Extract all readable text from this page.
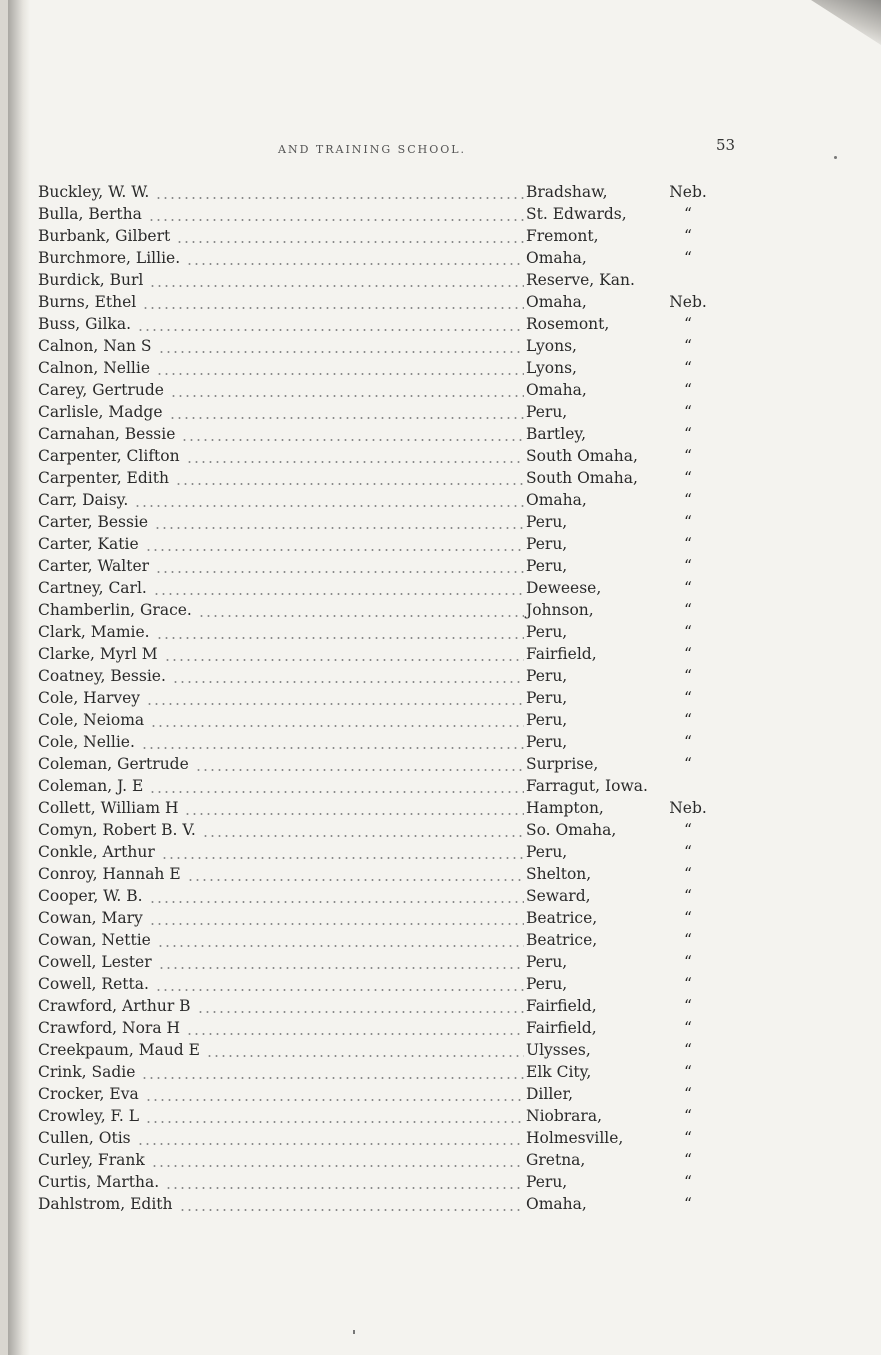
AND TRAINING SCHOOL.	53
Buckley, W. W.	Bradshaw,	Neb.
Bulla, Bertha	St. Edwards,	“
Burbank, Gilbert	Fremont,	“
Burchmore, Lillie.	Omaha,	“
Burdick, Burl	Reserve, Kan.
Burns, Ethel	Omaha,	Neb.
Buss, Gilka.	Rosemont,	“
Calnon, Nan S	Lyons,	“
Calnon, Nellie	Lyons,	“
Carey, Gertrude	Omaha,	“
Carlisle, Madge	Peru,	“
Carnahan, Bessie	Bartley,	“
Carpenter, Clifton	South Omaha,	“
Carpenter, Edith	South Omaha,	“
Carr, Daisy.	Omaha,	“
Carter, Bessie	Peru,	“
Carter, Katie	Peru,	“
Carter, Walter	Peru,	“
Cartney, Carl.	Deweese,	“
Chamberlin, Grace.	Johnson,	“
Clark, Mamie.	Peru,	“
Clarke, Myrl M	Fairfield,	“
Coatney, Bessie.	Peru,	“
Cole, Harvey	Peru,	“
Cole, Neioma	Peru,	“
Cole, Nellie.	Peru,	“
Coleman, Gertrude	Surprise,	“
Coleman, J. E	Farragut, Iowa.
Collett, William H	Hampton,	Neb.
Comyn, Robert B. V.	So. Omaha,	“
Conkle, Arthur	Peru,	“
Conroy, Hannah E	Shelton,	“
Cooper, W. B.	Seward,	“
Cowan, Mary	Beatrice,	“
Cowan, Nettie	Beatrice,	“
Cowell, Lester	Peru,	“
Cowell, Retta.	Peru,	“
Crawford, Arthur B	Fairfield,	“
Crawford, Nora H	Fairfield,	“
Creekpaum, Maud E	Ulysses,	“
Crink, Sadie	Elk City,	“
Crocker, Eva	Diller,	“
Crowley, F. L	Niobrara,	“
Cullen, Otis	Holmesville,	“
Curley, Frank	Gretna,	“
Curtis, Martha.	Peru,	“
Dahlstrom, Edith	Omaha,	“
